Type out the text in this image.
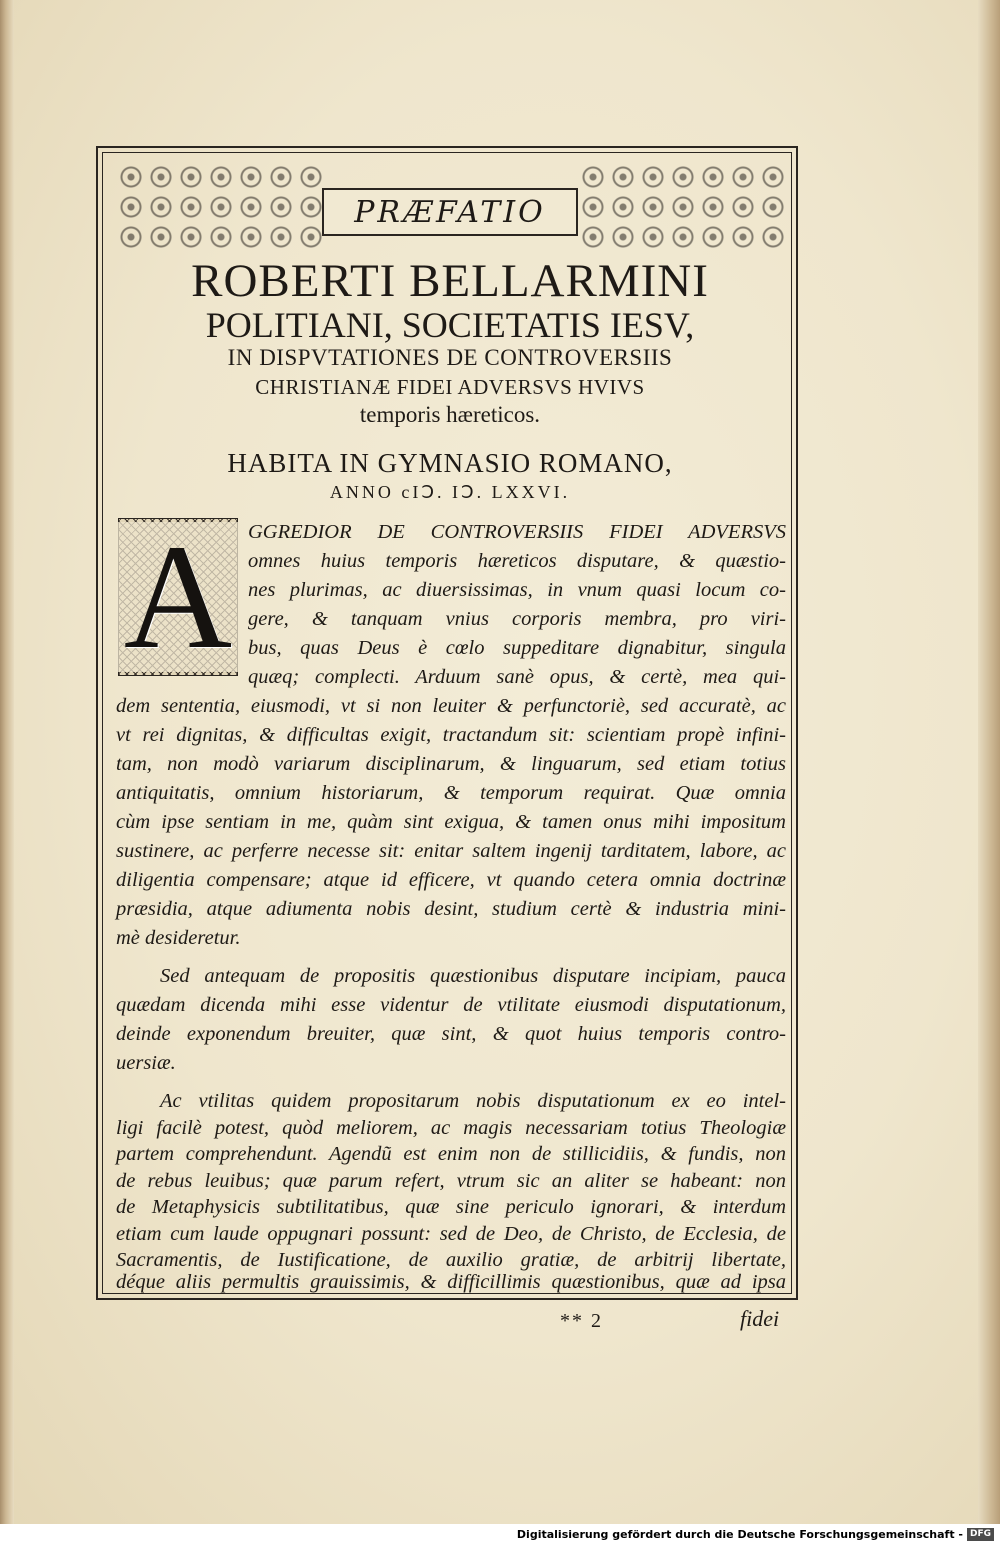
PRÆFATIO
ROBERTI BELLARMINI
POLITIANI, SOCIETATIS IESV,
IN DISPVTATIONES DE CONTROVERSIIS
CHRISTIANÆ FIDEI ADVERSVS HVIVS
temporis hæreticos.
HABITA IN GYMNASIO ROMANO,
ANNO cIↃ. IↃ. LXXVI.
A GGREDIOR DE CONTROVERSIIS FIDEI ADVERSVS
omnes huius temporis hæreticos disputare, & quæstio-
nes plurimas, ac diuersissimas, in vnum quasi locum co-
gere, & tanquam vnius corporis membra, pro viri-
bus, quas Deus è cœlo suppeditare dignabitur, singula
quæq; complecti. Arduum sanè opus, & certè, mea qui-
dem sententia, eiusmodi, vt si non leuiter & perfunctoriè, sed accuratè, ac
vt rei dignitas, & difficultas exigit, tractandum sit: scientiam propè infini-
tam, non modò variarum disciplinarum, & linguarum, sed etiam totius
antiquitatis, omnium historiarum, & temporum requirat. Quæ omnia
cùm ipse sentiam in me, quàm sint exigua, & tamen onus mihi impositum
sustinere, ac perferre necesse sit: enitar saltem ingenij tarditatem, labore, ac
diligentia compensare; atque id efficere, vt quando cetera omnia doctrinæ
præsidia, atque adiumenta nobis desint, studium certè & industria mini-
mè desideretur.
Sed antequam de propositis quæstionibus disputare incipiam, pauca
quædam dicenda mihi esse videntur de vtilitate eiusmodi disputationum,
deinde exponendum breuiter, quæ sint, & quot huius temporis contro-
uersiæ.
Ac vtilitas quidem propositarum nobis disputationum ex eo intel-
ligi facilè potest, quòd meliorem, ac magis necessariam totius Theologiæ
partem comprehendunt. Agendũ est enim non de stillicidiis, & fundis, non
de rebus leuibus; quæ parum refert, vtrum sic an aliter se habeant: non
de Metaphysicis subtilitatibus, quæ sine periculo ignorari, & interdum
etiam cum laude oppugnari possunt: sed de Deo, de Christo, de Ecclesia, de
Sacramentis, de Iustificatione, de auxilio gratiæ, de arbitrij libertate,
** 2	fidei
Digitalisierung gefördert durch die Deutsche Forschungsgemeinschaft - DFG
déque aliis permultis grauissimis, & difficillimis quæstionibus, quæ ad ipsa
